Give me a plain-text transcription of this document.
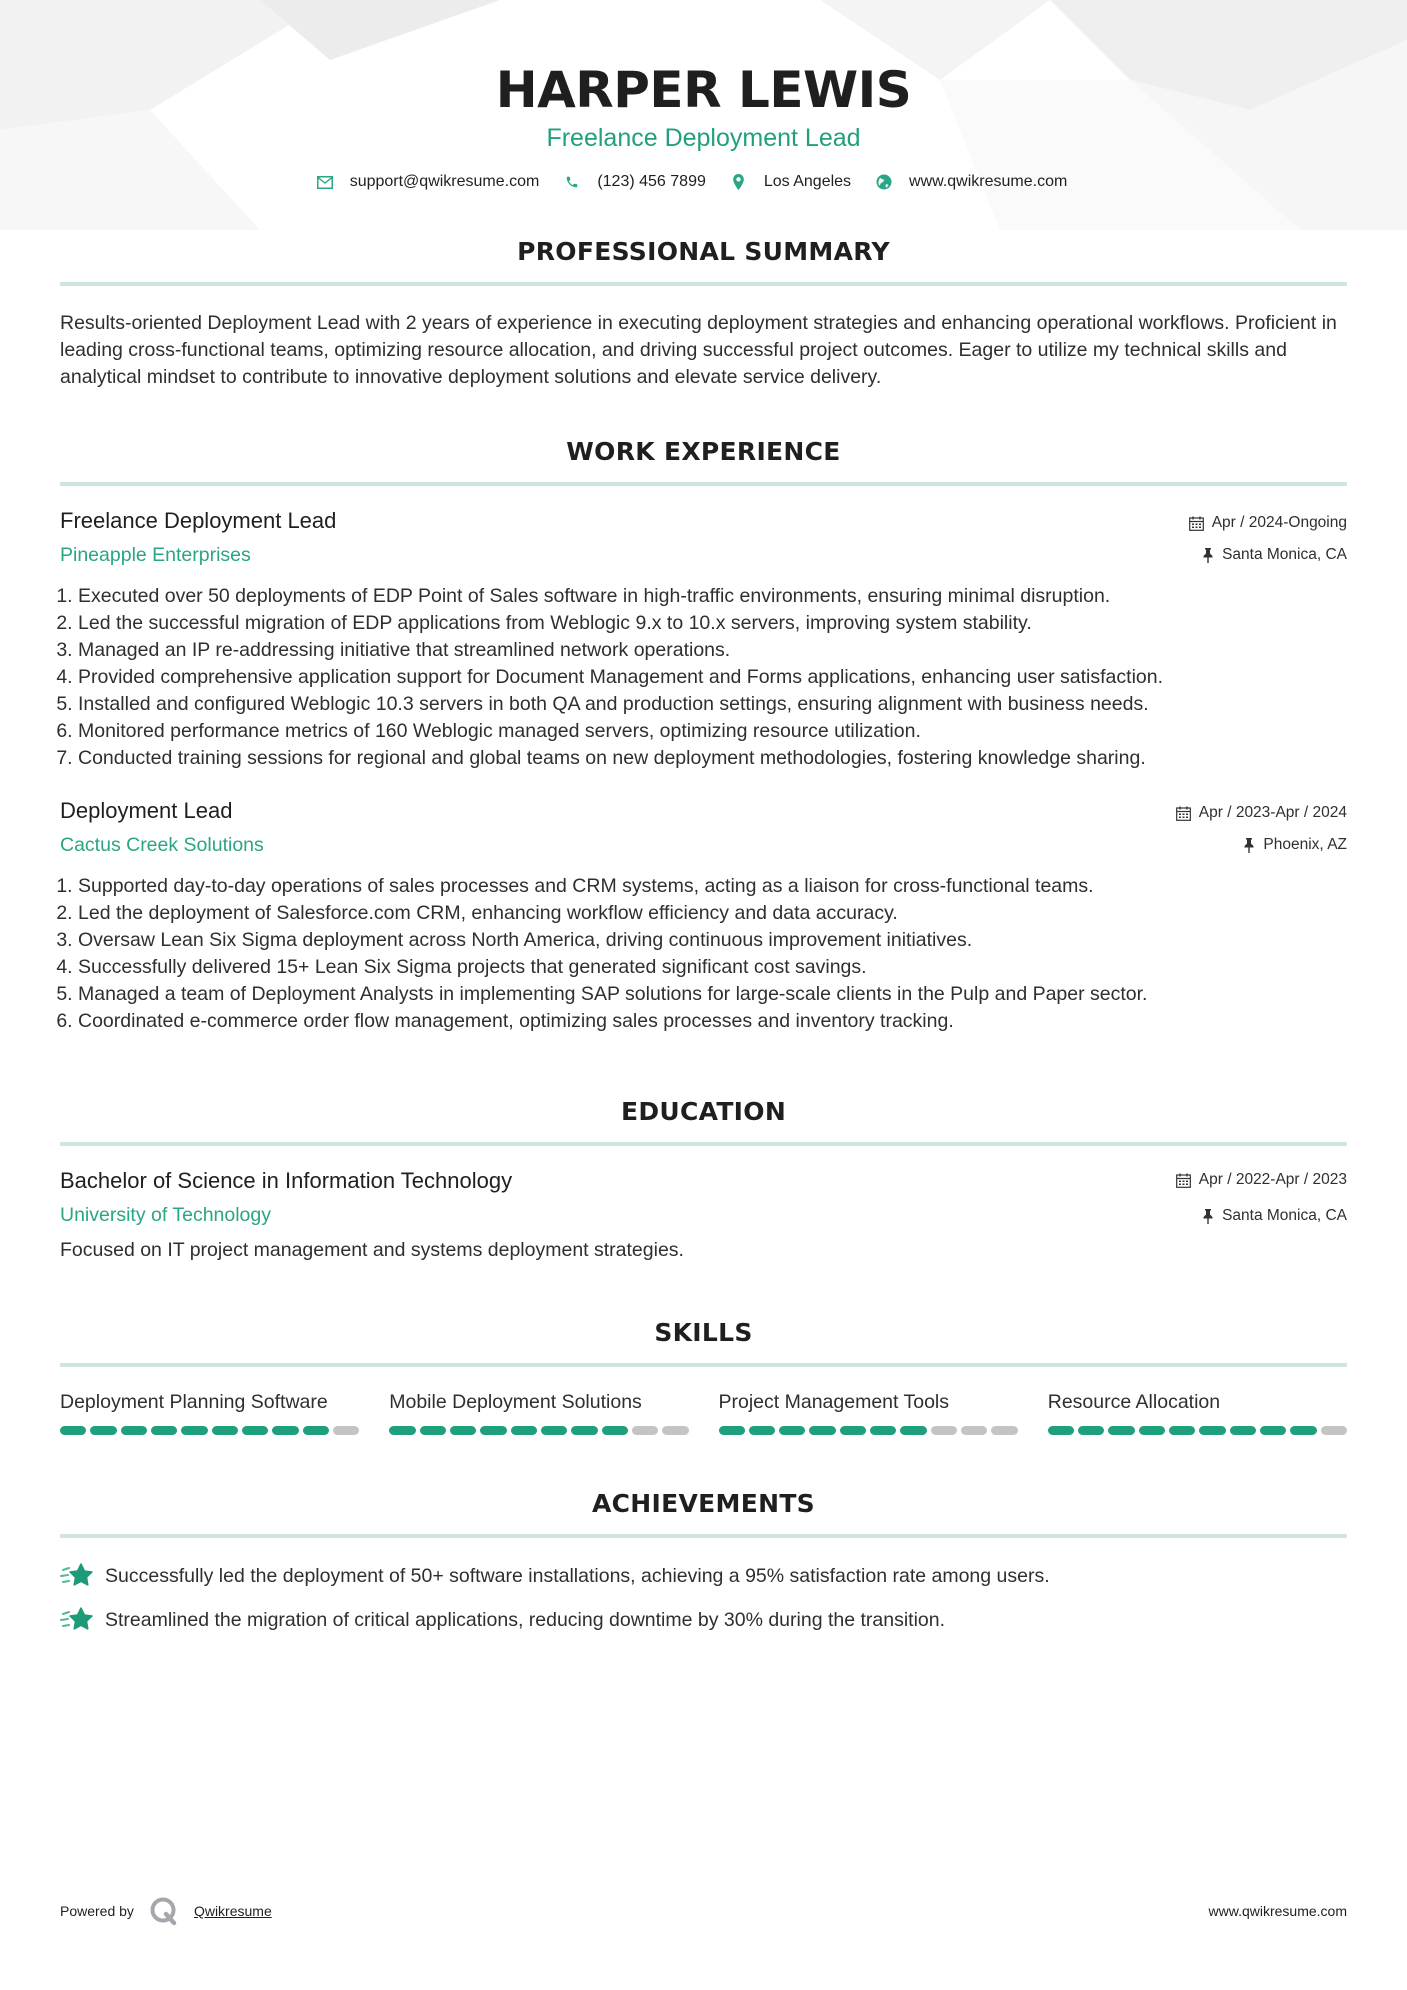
HARPER LEWIS
Freelance Deployment Lead
support@qwikresume.com	(123) 456 7899	Los Angeles	www.qwikresume.com
PROFESSIONAL SUMMARY

Results-oriented Deployment Lead with 2 years of experience in executing deployment strategies and enhancing operational workflows. Proficient in leading cross-functional teams, optimizing resource allocation, and driving successful project outcomes. Eager to utilize my technical skills and analytical mindset to contribute to innovative deployment solutions and elevate service delivery.

WORK EXPERIENCE
Freelance Deployment Lead
Pineapple Enterprises
Apr / 2024-Ongoing
Santa Monica, CA
1. Executed over 50 deployments of EDP Point of Sales software in high-traffic environments, ensuring minimal disruption.
2. Led the successful migration of EDP applications from Weblogic 9.x to 10.x servers, improving system stability.
3. Managed an IP re-addressing initiative that streamlined network operations.
4. Provided comprehensive application support for Document Management and Forms applications, enhancing user satisfaction.
5. Installed and configured Weblogic 10.3 servers in both QA and production settings, ensuring alignment with business needs.
6. Monitored performance metrics of 160 Weblogic managed servers, optimizing resource utilization.
7. Conducted training sessions for regional and global teams on new deployment methodologies, fostering knowledge sharing.
Deployment Lead
Cactus Creek Solutions
Apr / 2023-Apr / 2024
Phoenix, AZ
1. Supported day-to-day operations of sales processes and CRM systems, acting as a liaison for cross-functional teams.
2. Led the deployment of Salesforce.com CRM, enhancing workflow efficiency and data accuracy.
3. Oversaw Lean Six Sigma deployment across North America, driving continuous improvement initiatives.
4. Successfully delivered 15+ Lean Six Sigma projects that generated significant cost savings.
5. Managed a team of Deployment Analysts in implementing SAP solutions for large-scale clients in the Pulp and Paper sector.
6. Coordinated e-commerce order flow management, optimizing sales processes and inventory tracking.
EDUCATION
Bachelor of Science in Information Technology
University of Technology
Apr / 2022-Apr / 2023
Santa Monica, CA

Focused on IT project management and systems deployment strategies.

SKILLS
Deployment Planning Software	Mobile Deployment Solutions	Project Management Tools	Resource Allocation
ACHIEVEMENTS
Successfully led the deployment of 50+ software installations, achieving a 95% satisfaction rate among users.
Streamlined the migration of critical applications, reducing downtime by 30% during the transition.
Powered by	Qwikresume	www.qwikresume.com
